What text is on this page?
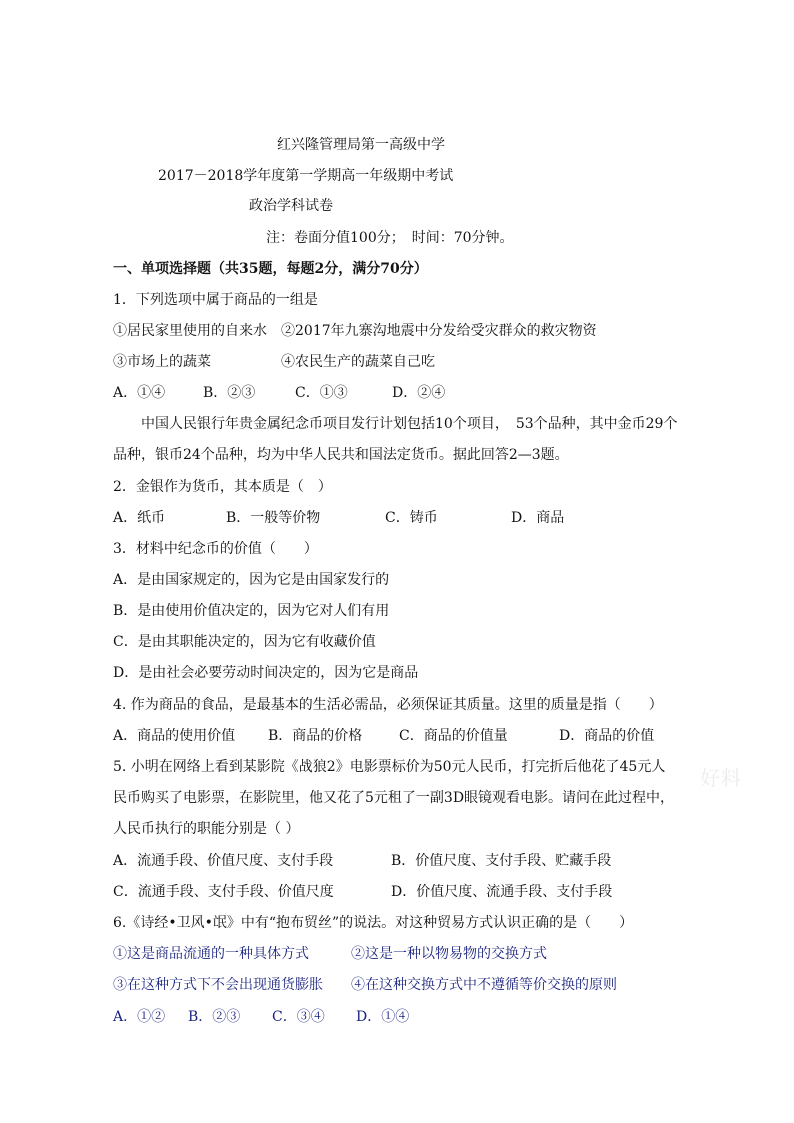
红兴隆管理局第一高级中学
2017－2018学年度第一学期高一年级期中考试
政治学科试卷
注：卷面分值100分；　时间：70分钟。
一、单项选择题（共35题，每题2分，满分70分）
1．下列选项中属于商品的一组是
①居民家里使用的自来水 ②2017年九寨沟地震中分发给受灾群众的救灾物资
③市场上的蔬菜	④农民生产的蔬菜自己吃
A．①④	B．②③	C．①③	D．②④
中国人民银行年贵金属纪念币项目发行计划包括10个项目，　53个品种，其中金币29个
品种，银币24个品种，均为中华人民共和国法定货币。据此回答2—3题。
2．金银作为货币，其本质是（　）
A．纸币	B．一般等价物	C．铸币	D．商品
3．材料中纪念币的价值（　　）
A．是由国家规定的，因为它是由国家发行的
B．是由使用价值决定的，因为它对人们有用
C．是由其职能决定的，因为它有收藏价值
D．是由社会必要劳动时间决定的，因为它是商品
4. 作为商品的食品，是最基本的生活必需品，必须保证其质量。这里的质量是指（　　）
A．商品的使用价值 B．商品的价格	C．商品的价值量	D．商品的价值
5. 小明在网络上看到某影院《战狼2》电影票标价为50元人民币，打完折后他花了45元人 好料
民币购买了电影票，在影院里，他又花了5元租了一副3D眼镜观看电影。请问在此过程中，
人民币执行的职能分别是（ ）
A．流通手段、价值尺度、支付手段	B．价值尺度、支付手段、贮藏手段
C．流通手段、支付手段、价值尺度	D．价值尺度、流通手段、支付手段
6.《诗经•卫风•氓》中有“抱布贸丝”的说法。对这种贸易方式认识正确的是（　　）
①这是商品流通的一种具体方式	②这是一种以物易物的交换方式
③在这种方式下不会出现通货膨胀 ④在这种交换方式中不遵循等价交换的原则
A．①② B．②③ C．③④ D．①④
